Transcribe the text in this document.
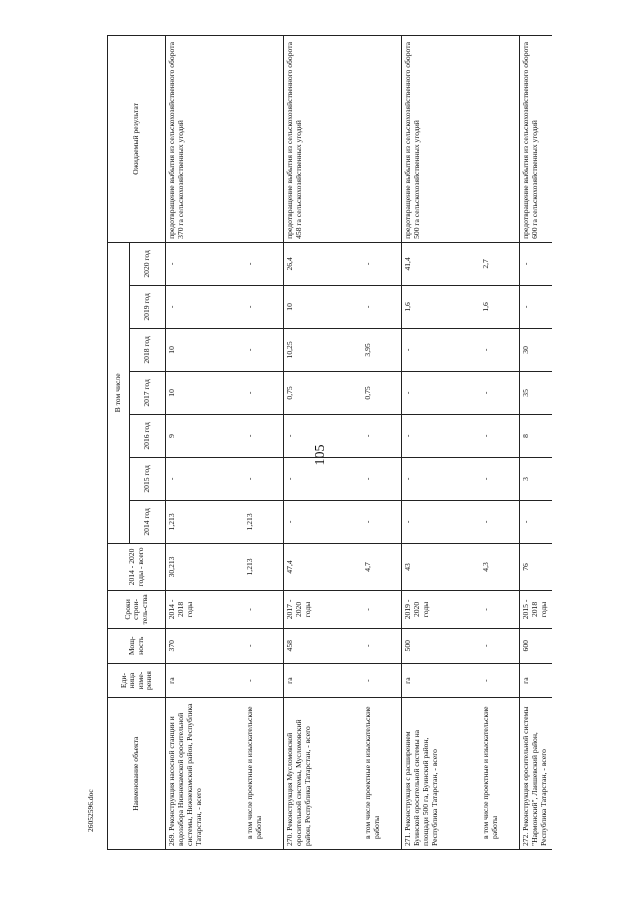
105
26052596.doc	Наименование объекта	Еди-ница изме-рения	Мощ-ность	Сроки строи-тель-ства	2014 - 2020 годы - всего	В том числе							Ожидаемый результат
					2014 год	2015 год	2016 год	2017 год	2018 год	2019 год	2020 год	
269. Реконструкция насосной станции и водозабора Нижнекамской оросительной системы, Нижнекамский район, Республика Татарстан, - всего	га	370	2014 - 2018 годы	30,213	1,213	-	9	10	10	-	-	предотвращение выбытия из сельскохозяйственного оборота 370 га сельскохозяйственных угодий
в том числе проектные и изыскательские работы	-	-	-	1,213	1,213	-	-	-	-	-	-	
270. Реконструкция Мусломовской оросительной системы, Мусломовский район, Республика Татарстан, - всего	га	458	2017 - 2020 годы	47,4	-	-	-	0,75	10,25	10	26,4	предотвращение выбытия из сельскохозяйственного оборота 458 га сельскохозяйственных угодий
в том числе проектные и изыскательские работы	-	-	-	4,7	-	-	-	0,75	3,95	-	-	
271. Реконструкция с расширением Буинской оросительной системы на площади 500 га, Буинский район, Республика Татарстан, - всего	га	500	2019 - 2020 годы	43	-	-	-	-	-	1,6	41,4	предотвращение выбытия из сельскохозяйственного оборота 500 га сельскохозяйственных угодий
в том числе проектные и изыскательские работы	-	-	-	4,3	-	-	-	-	-	1,6	2,7	
272. Реконструкция оросительной системы "Нармонский", Лаишевский район, Республика Татарстан, - всего	га	600	2015 - 2018 годы	76	-	3	8	35	30	-	-	предотвращение выбытия из сельскохозяйственного оборота 600 га сельскохозяйственных угодий
